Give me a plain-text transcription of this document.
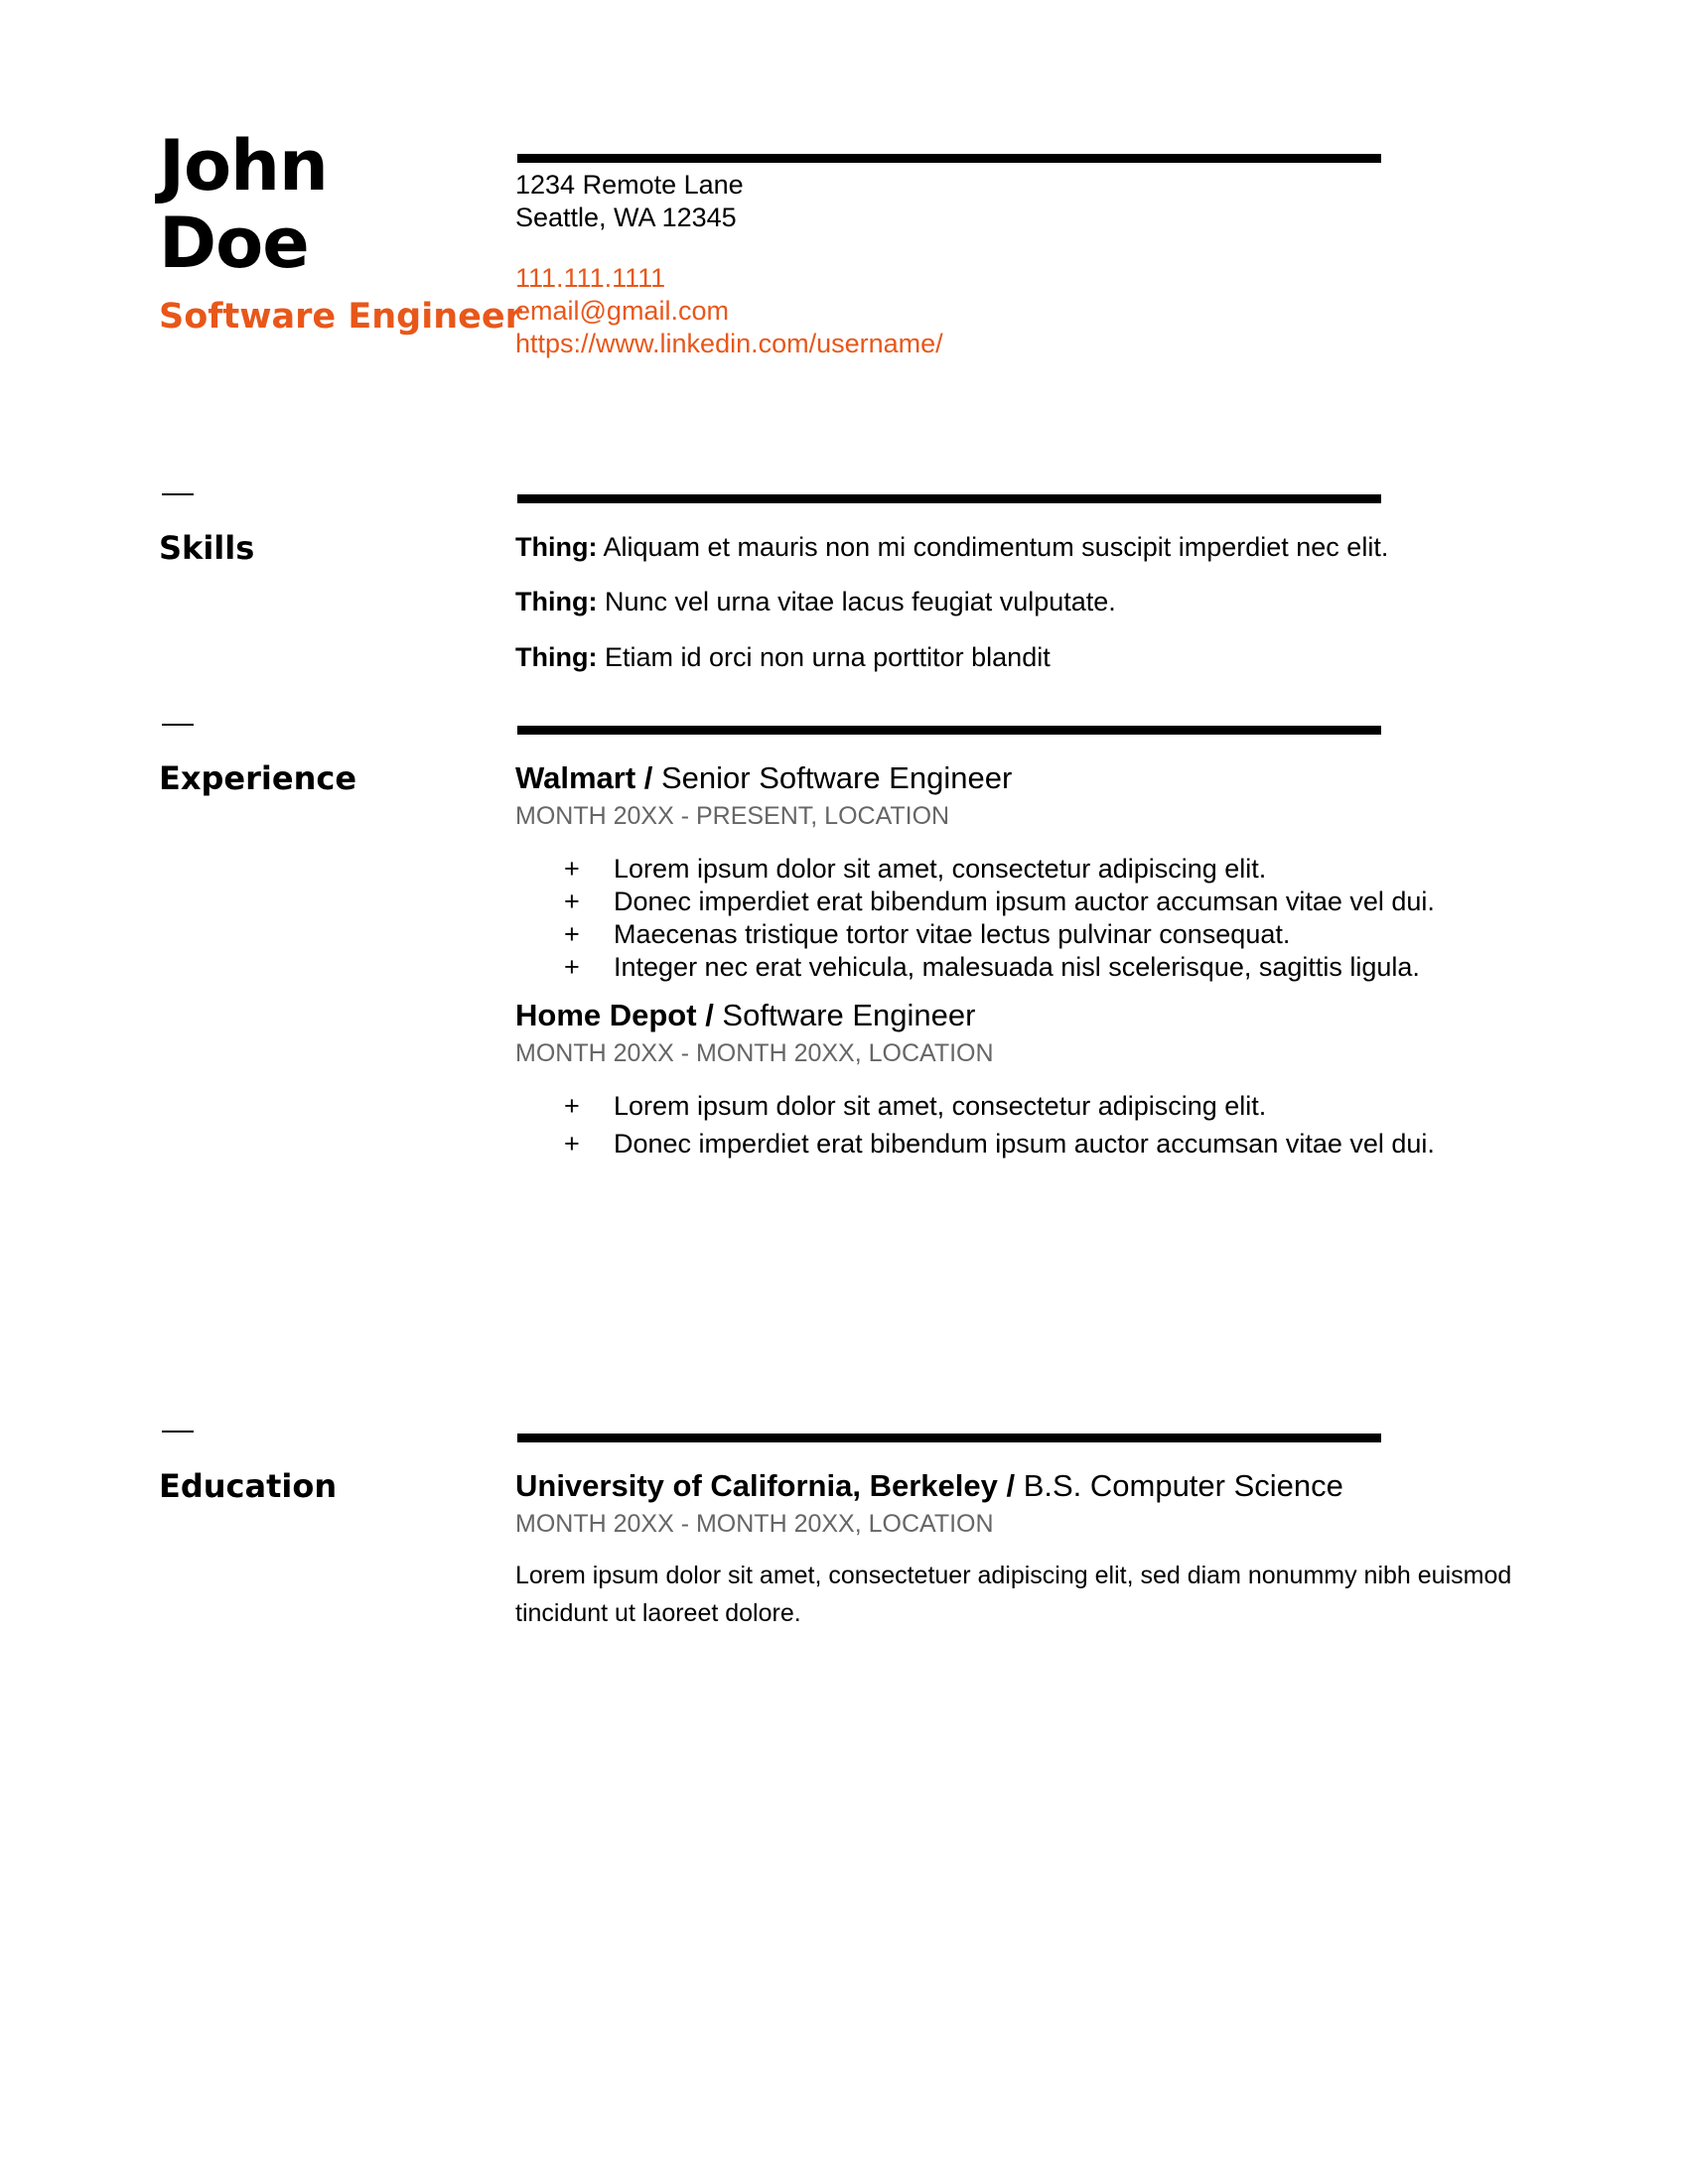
John
Doe
Software Engineer
1234 Remote Lane
Seattle, WA 12345
111.111.1111
email@gmail.com
https://www.linkedin.com/username/
Skills	Thing: Aliquam et mauris non mi condimentum suscipit imperdiet nec elit.
Thing: Nunc vel urna vitae lacus feugiat vulputate.
Thing: Etiam id orci non urna porttitor blandit
Experience	Walmart / Senior Software Engineer
MONTH 20XX - PRESENT, LOCATION
+ Lorem ipsum dolor sit amet, consectetur adipiscing elit.
+ Donec imperdiet erat bibendum ipsum auctor accumsan vitae vel dui.
+ Maecenas tristique tortor vitae lectus pulvinar consequat.
+ Integer nec erat vehicula, malesuada nisl scelerisque, sagittis ligula.
Home Depot / Software Engineer
MONTH 20XX - MONTH 20XX, LOCATION
+ Lorem ipsum dolor sit amet, consectetur adipiscing elit.
+ Donec imperdiet erat bibendum ipsum auctor accumsan vitae vel dui.
Education	University of California, Berkeley / B.S. Computer Science
MONTH 20XX - MONTH 20XX, LOCATION
Lorem ipsum dolor sit amet, consectetuer adipiscing elit, sed diam nonummy nibh euismod tincidunt ut laoreet dolore.
